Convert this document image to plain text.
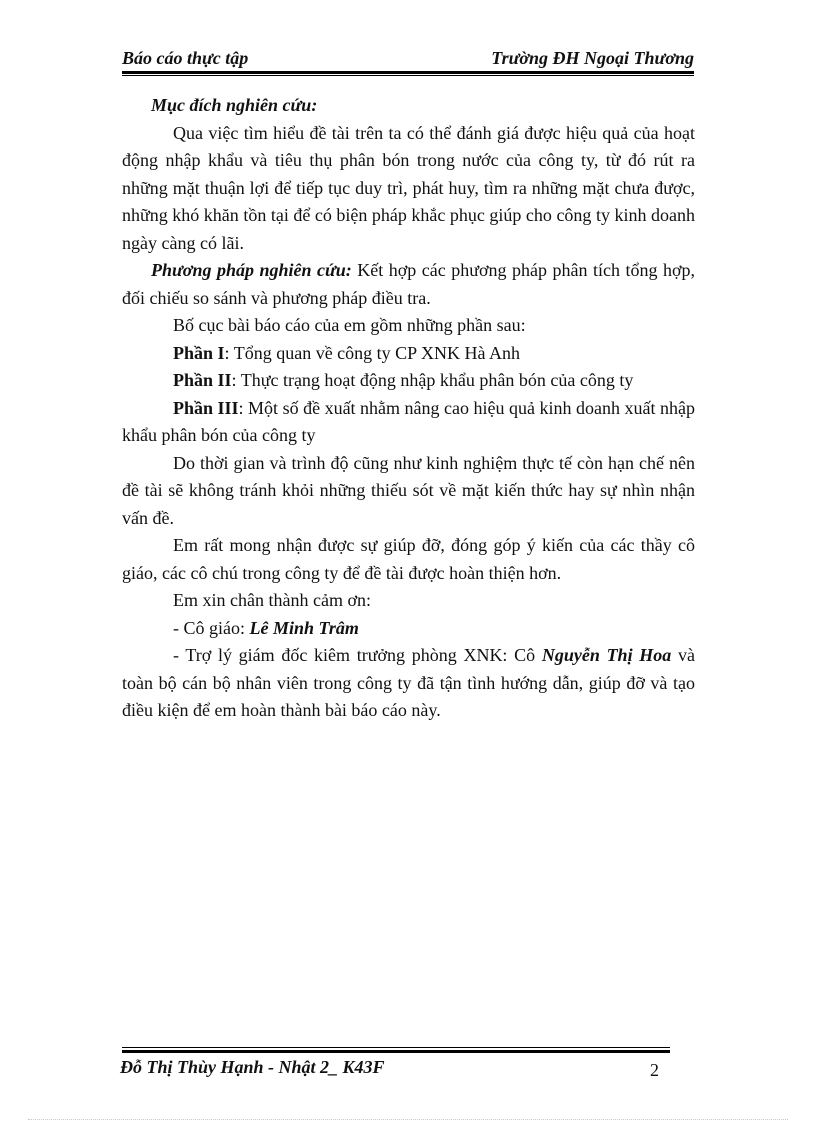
Báo cáo thực tập	Trường ĐH Ngoại Thương

Mục đích nghiên cứu:

Qua việc tìm hiểu đề tài trên ta có thể đánh giá được hiệu quả của hoạt động nhập khẩu và tiêu thụ phân bón trong nước của công ty, từ đó rút ra những mặt thuận lợi để tiếp tục duy trì, phát huy, tìm ra những mặt chưa được, những khó khăn tồn tại để có biện pháp khắc phục giúp cho công ty kinh doanh ngày càng có lãi.

Phương pháp nghiên cứu: Kết hợp các phương pháp phân tích tổng hợp, đối chiếu so sánh và phương pháp điều tra.

Bố cục bài báo cáo của em gồm những phần sau:

Phần I: Tổng quan về công ty CP XNK Hà Anh

Phần II: Thực trạng hoạt động nhập khẩu phân bón của công ty

Phần III: Một số đề xuất nhằm nâng cao hiệu quả kinh doanh xuất nhập khẩu phân bón của công ty

Do thời gian và trình độ cũng như kinh nghiệm thực tế còn hạn chế nên đề tài sẽ không tránh khỏi những thiếu sót về mặt kiến thức hay sự nhìn nhận vấn đề.

Em rất mong nhận được sự giúp đỡ, đóng góp ý kiến của các thầy cô giáo, các cô chú trong công ty để đề tài được hoàn thiện hơn.

Em xin chân thành cảm ơn:

- Cô giáo: Lê Minh Trâm

- Trợ lý giám đốc kiêm trưởng phòng XNK: Cô Nguyễn Thị Hoa và toàn bộ cán bộ nhân viên trong công ty đã tận tình hướng dẫn, giúp đỡ và tạo điều kiện để em hoàn thành bài báo cáo này.

Đỗ Thị Thùy Hạnh - Nhật 2_ K43F	2
